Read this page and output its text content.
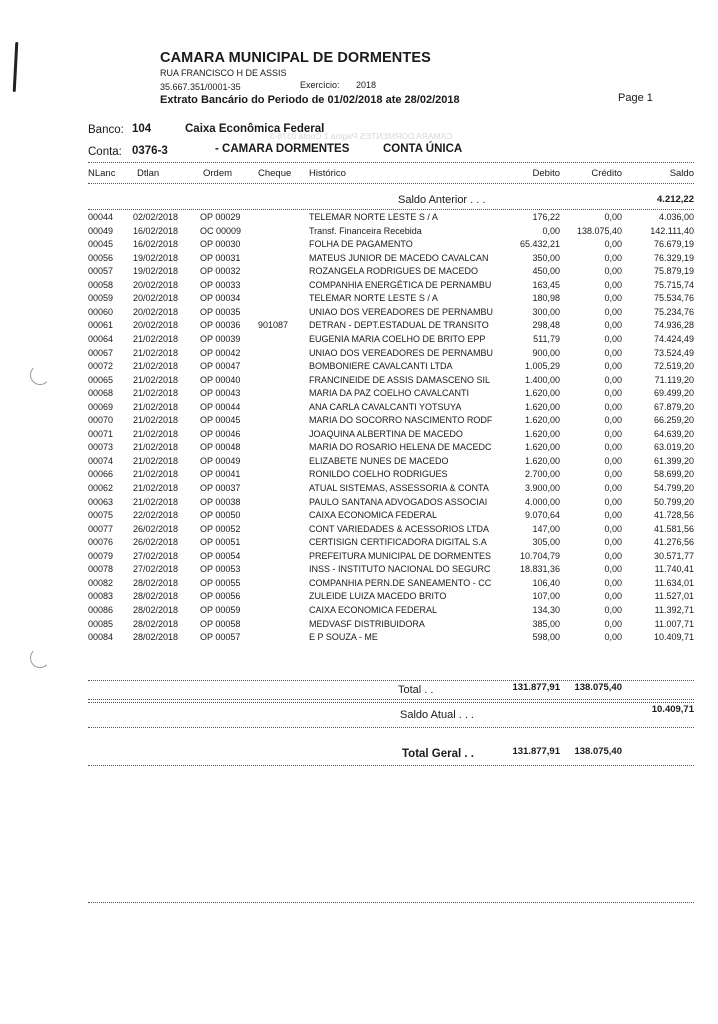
CAMARA MUNICIPAL DE DORMENTES
RUA FRANCISCO H DE ASSIS
35.667.351/0001-35	Exercício: 2018
Extrato Bancário do Periodo de 01/02/2018 ate 28/02/2018	Page 1
Banco: 104	Caixa Econômica Federal
CAMARA DORMENTES Pagina 1 Conta 0376-3
Conta: 0376-3	- CAMARA DORMENTES	CONTA ÚNICA
NLanc Dtlan	Ordem	Cheque Histórico	Debito	Crédito	Saldo
Saldo Anterior . . .	4.212,22
00044 02/02/2018 OP 00029	TELEMAR NORTE LESTE S / A	176,22	0,00	4.036,00
00049 16/02/2018 OC 00009	Transf. Financeira Recebida	0,00	138.075,40	142.111,40
00045 16/02/2018 OP 00030	FOLHA DE PAGAMENTO	65.432,21	0,00	76.679,19
00056 19/02/2018 OP 00031	MATEUS JUNIOR DE MACEDO CAVALCAN	350,00	0,00	76.329,19
00057 19/02/2018 OP 00032	ROZANGELA RODRIGUES DE MACEDO	450,00	0,00	75.879,19
00058 20/02/2018 OP 00033	COMPANHIA ENERGÉTICA DE PERNAMBU	163,45	0,00	75.715,74
00059 20/02/2018 OP 00034	TELEMAR NORTE LESTE S / A	180,98	0,00	75.534,76
00060 20/02/2018 OP 00035	UNIAO DOS VEREADORES DE PERNAMBU	300,00	0,00	75.234,76
00061 20/02/2018 OP 00036 901087 DETRAN - DEPT.ESTADUAL DE TRANSITO	298,48	0,00	74.936,28
00064 21/02/2018 OP 00039	EUGENIA MARIA COELHO DE BRITO EPP	511,79	0,00	74.424,49
00067 21/02/2018 OP 00042	UNIAO DOS VEREADORES DE PERNAMBU	900,00	0,00	73.524,49
00072 21/02/2018 OP 00047	BOMBONIERE CAVALCANTI LTDA	1.005,29	0,00	72.519,20
00065 21/02/2018 OP 00040	FRANCINEIDE DE ASSIS DAMASCENO SIL	1.400,00	0,00	71.119,20
00068 21/02/2018 OP 00043	MARIA DA PAZ COELHO CAVALCANTI	1.620,00	0,00	69.499,20
00069 21/02/2018 OP 00044	ANA CARLA CAVALCANTI YOTSUYA	1.620,00	0,00	67.879,20
00070 21/02/2018 OP 00045	MARIA DO SOCORRO NASCIMENTO RODF	1.620,00	0,00	66.259,20
00071 21/02/2018 OP 00046	JOAQUINA ALBERTINA DE MACEDO	1.620,00	0,00	64.639,20
00073 21/02/2018 OP 00048	MARIA DO ROSARIO HELENA DE MACEDC	1.620,00	0,00	63.019,20
00074 21/02/2018 OP 00049	ELIZABETE NUNES DE MACEDO	1.620,00	0,00	61.399,20
00066 21/02/2018 OP 00041	RONILDO COELHO RODRIGUES	2.700,00	0,00	58.699,20
00062 21/02/2018 OP 00037	ATUAL SISTEMAS, ASSESSORIA & CONTA	3.900,00	0,00	54.799,20
00063 21/02/2018 OP 00038	PAULO SANTANA ADVOGADOS ASSOCIAI	4.000,00	0,00	50.799,20
00075 22/02/2018 OP 00050	CAIXA ECONOMICA FEDERAL	9.070,64	0,00	41.728,56
00077 26/02/2018 OP 00052	CONT VARIEDADES & ACESSORIOS LTDA	147,00	0,00	41.581,56
00076 26/02/2018 OP 00051	CERTISIGN CERTIFICADORA DIGITAL S.A	305,00	0,00	41.276,56
00079 27/02/2018 OP 00054	PREFEITURA MUNICIPAL DE DORMENTES	10.704,79	0,00	30.571,77
00078 27/02/2018 OP 00053	INSS - INSTITUTO NACIONAL DO SEGURC	18.831,36	0,00	11.740,41
00082 28/02/2018 OP 00055	COMPANHIA PERN.DE SANEAMENTO - CC	106,40	0,00	11.634,01
00083 28/02/2018 OP 00056	ZULEIDE LUIZA MACEDO BRITO	107,00	0,00	11.527,01
00086 28/02/2018 OP 00059	CAIXA ECONOMICA FEDERAL	134,30	0,00	11.392,71
00085 28/02/2018 OP 00058	MEDVASF DISTRIBUIDORA	385,00	0,00	11.007,71
00084 28/02/2018 OP 00057	E P SOUZA - ME	598,00	0,00	10.409,71
Total . .	131.877,91	138.075,40
Saldo Atual . . .	10.409,71
Total Geral . .	131.877,91	138.075,40
